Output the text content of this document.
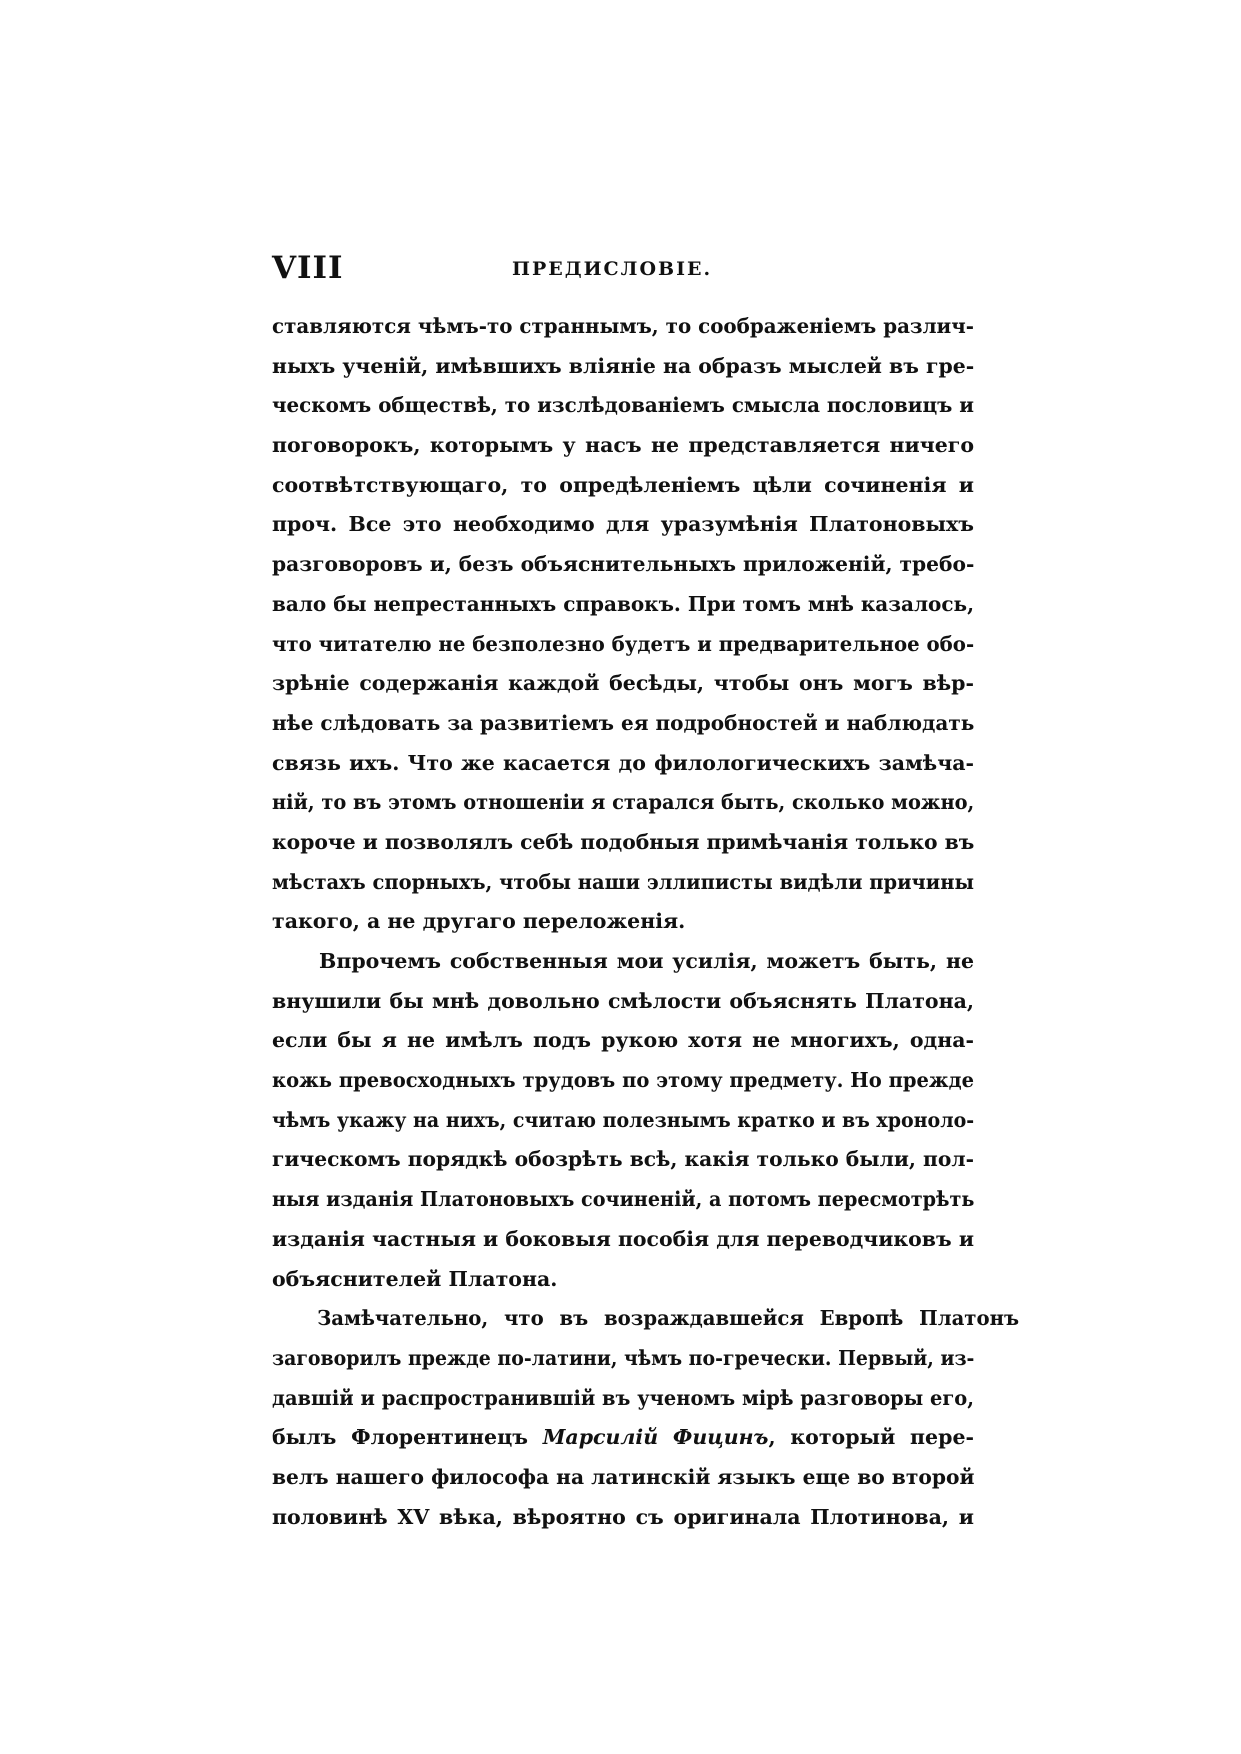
VIII	ПРЕДИСЛОВІЕ.
ставляются чѣмъ-то страннымъ, то соображеніемъ различ-
ныхъ ученій, имѣвшихъ вліяніе на образъ мыслей въ гре-
ческомъ обществѣ, то изслѣдованіемъ смысла пословицъ и
поговорокъ, которымъ у насъ не представляется ничего
соотвѣтствующаго, то опредѣленіемъ цѣли сочиненія и
проч. Все это необходимо для уразумѣнія Платоновыхъ
разговоровъ и, безъ объяснительныхъ приложеній, требо-
вало бы непрестанныхъ справокъ. При томъ мнѣ казалось,
что читателю не безполезно будетъ и предварительное обо-
зрѣніе содержанія каждой бесѣды, чтобы онъ могъ вѣр-
нѣе слѣдовать за развитіемъ ея подробностей и наблюдать
связь ихъ. Что же касается до филологическихъ замѣча-
ній, то въ этомъ отношеніи я старался быть, сколько можно,
короче и позволялъ себѣ подобныя примѣчанія только въ
мѣстахъ спорныхъ, чтобы наши эллиписты видѣли причины
такого, а не другаго переложенія.
Впрочемъ собственныя мои усилія, можетъ быть, не
внушили бы мнѣ довольно смѣлости объяснять Платона,
если бы я не имѣлъ подъ рукою хотя не многихъ, одна-
кожь превосходныхъ трудовъ по этому предмету. Но прежде
чѣмъ укажу на нихъ, считаю полезнымъ кратко и въ хроноло-
гическомъ порядкѣ обозрѣть всѣ, какія только были, пол-
ныя изданія Платоновыхъ сочиненій, а потомъ пересмотрѣть
изданія частныя и боковыя пособія для переводчиковъ и
объяснителей Платона.
Замѣчательно, что въ возраждавшейся Европѣ Платонъ
заговорилъ прежде по-латини, чѣмъ по-гречески. Первый, из-
давшій и распространившій въ ученомъ мірѣ разговоры его,
былъ Флорентинецъ Марсилій Фицинъ, который пере-
велъ нашего философа на латинскій языкъ еще во второй
половинѣ XV вѣка, вѣроятно съ оригинала Плотинова, и
